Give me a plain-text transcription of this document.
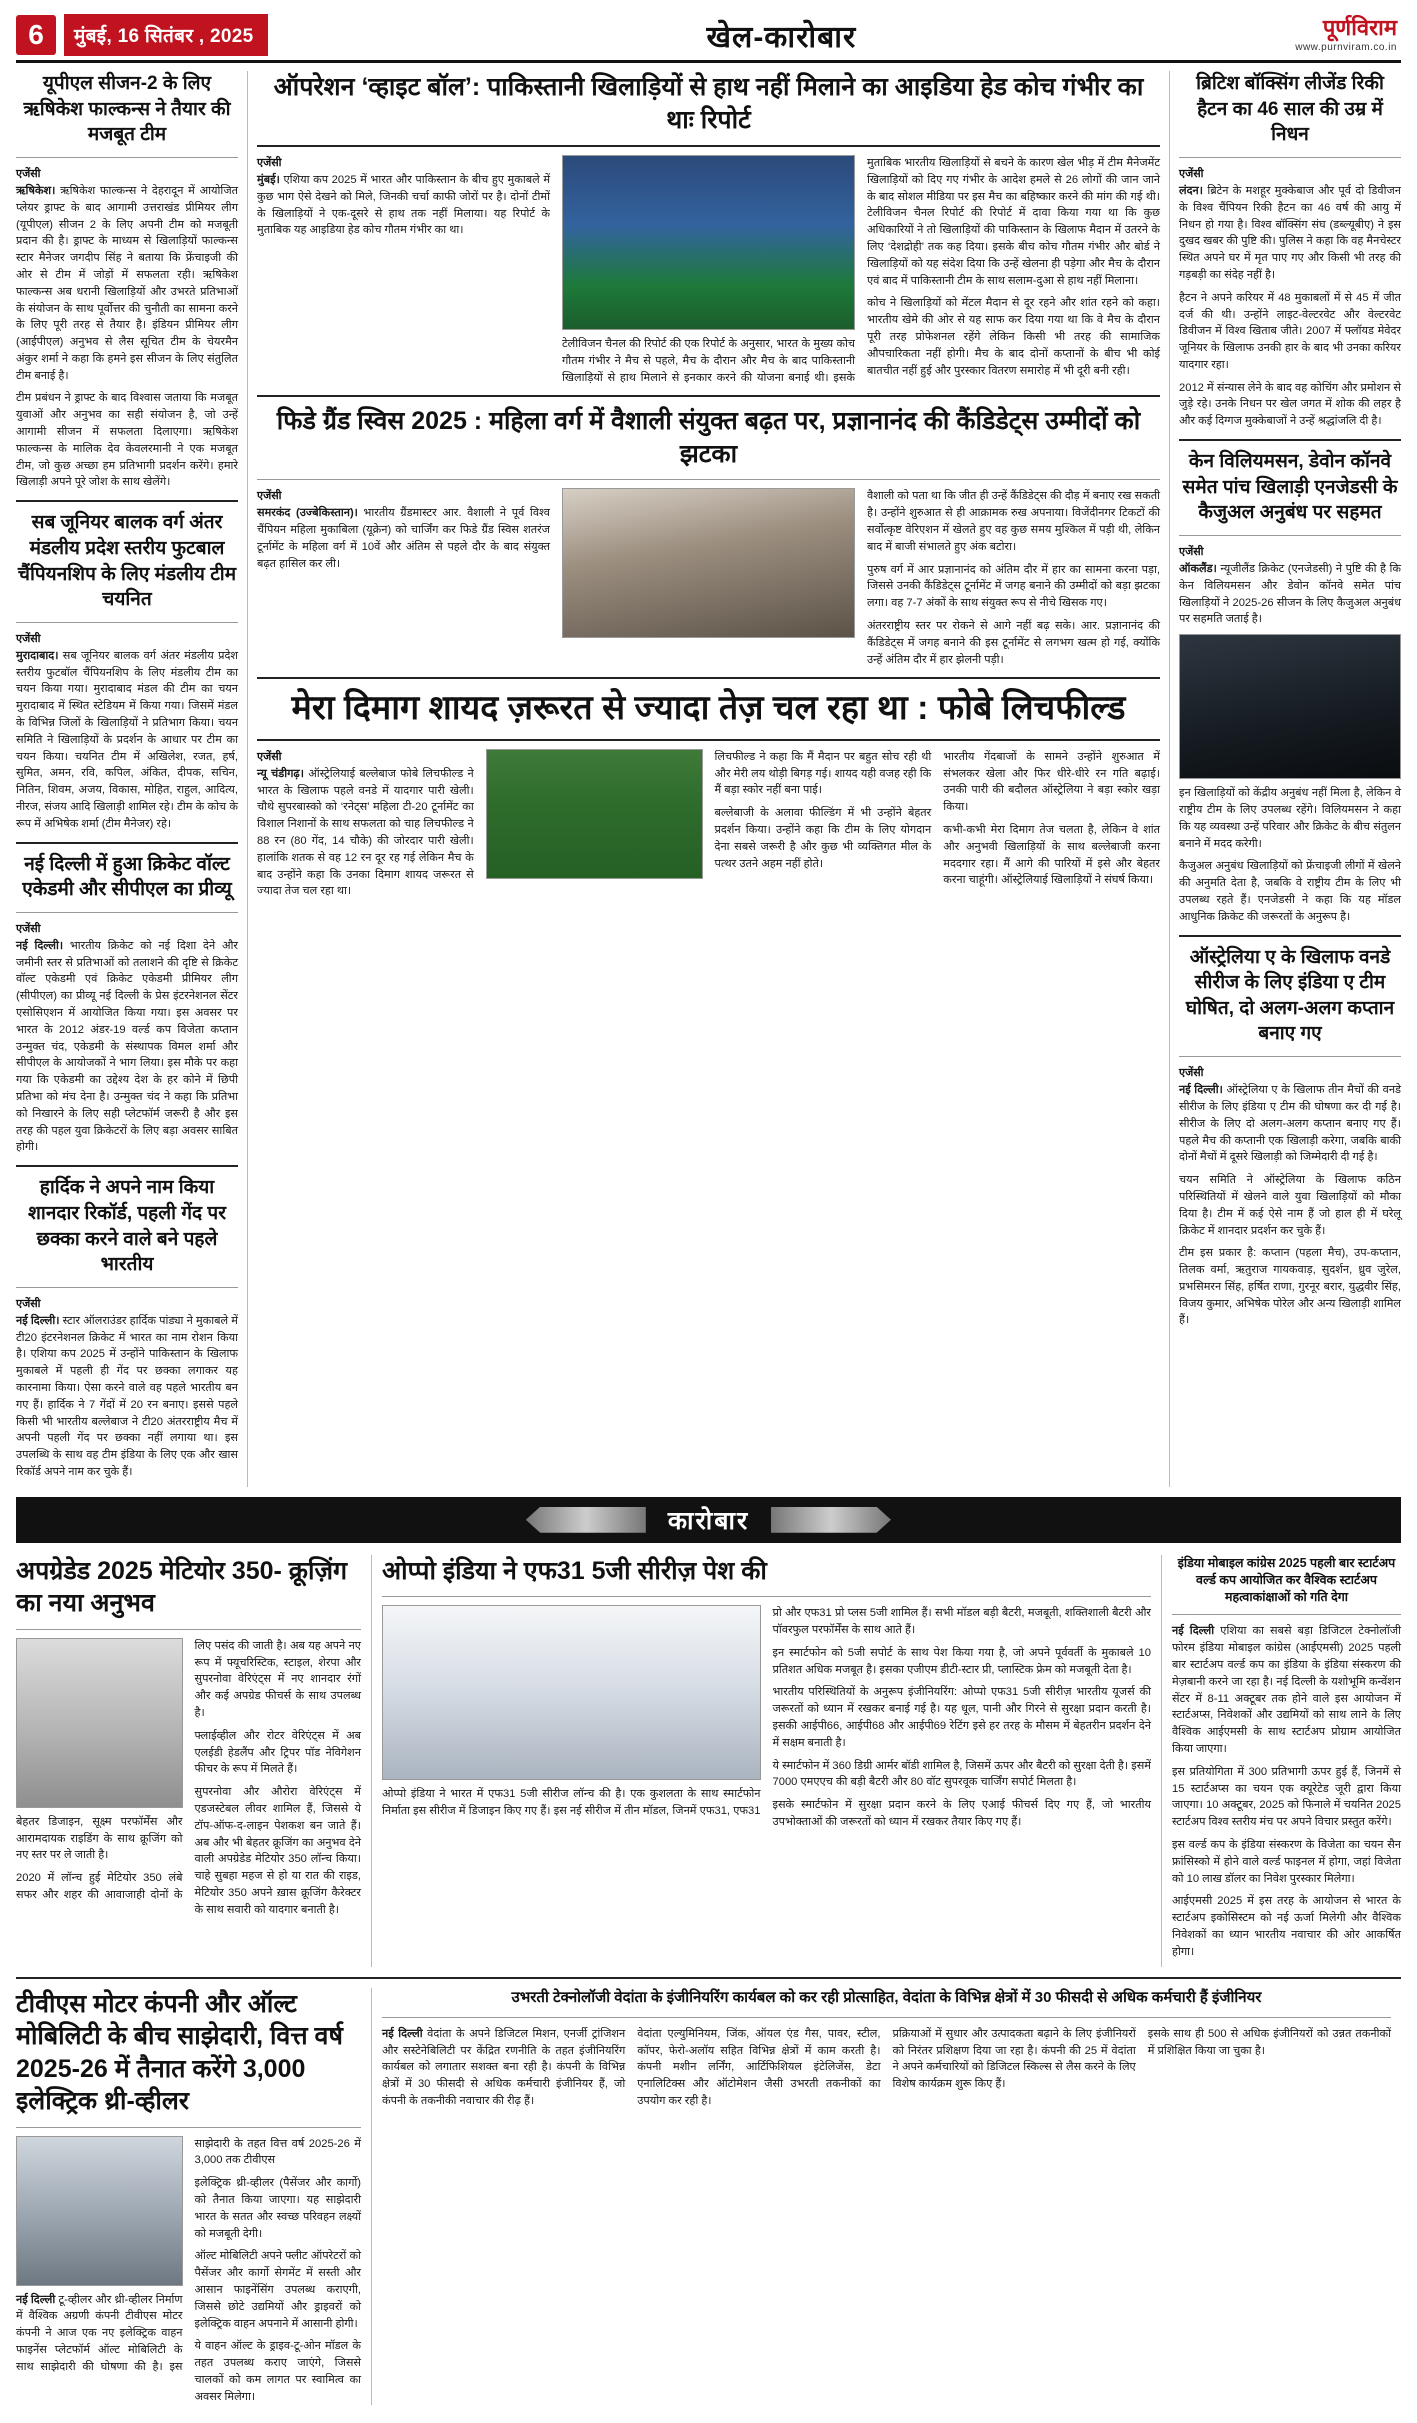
6	मुंबई, 16 सितंबर , 2025	खेल-कारोबार	पूर्णविराम
www.purnviram.co.in
यूपीएल सीजन-2 के लिए ऋषिकेश फाल्कन्स ने तैयार की मजबूत टीम
एजेंसी

ऋषिकेश। ऋषिकेश फाल्कन्स ने देहरादून में आयोजित प्लेयर ड्राफ्ट के बाद आगामी उत्तराखंड प्रीमियर लीग (यूपीएल) सीजन 2 के लिए अपनी टीम को मजबूती प्रदान की है। ड्राफ्ट के माध्यम से खिलाड़ियों फाल्कन्स स्टार मैनेजर जगदीप सिंह ने बताया कि फ्रेंचाइजी की ओर से टीम में जोड़ों में सफलता रही। ऋषिकेश फाल्कन्स अब धरानी खिलाड़ियों और उभरते प्रतिभाओं के संयोजन के साथ पूर्वोत्तर की चुनौती का सामना करने के लिए पूरी तरह से तैयार है। इंडियन प्रीमियर लीग (आईपीएल) अनुभव से लैस सूचित टीम के चेयरमैन अंकुर शर्मा ने कहा कि हमने इस सीजन के लिए संतुलित टीम बनाई है।

टीम प्रबंधन ने ड्राफ्ट के बाद विश्वास जताया कि मजबूत युवाओं और अनुभव का सही संयोजन है, जो उन्हें आगामी सीजन में सफलता दिलाएगा। ऋषिकेश फाल्कन्स के मालिक देव केवलरमानी ने एक मजबूत टीम, जो कुछ अच्छा हम प्रतिभागी प्रदर्शन करेंगे। हमारे खिलाड़ी अपने पूरे जोश के साथ खेलेंगे।

सब जूनियर बालक वर्ग अंतर मंडलीय प्रदेश स्तरीय फुटबाल चैंपियनशिप के लिए मंडलीय टीम चयनित
एजेंसी

मुरादाबाद। सब जूनियर बालक वर्ग अंतर मंडलीय प्रदेश स्तरीय फुटबॉल चैंपियनशिप के लिए मंडलीय टीम का चयन किया गया। मुरादाबाद मंडल की टीम का चयन मुरादाबाद में स्थित स्टेडियम में किया गया। जिसमें मंडल के विभिन्न जिलों के खिलाड़ियों ने प्रतिभाग किया। चयन समिति ने खिलाड़ियों के प्रदर्शन के आधार पर टीम का चयन किया। चयनित टीम में अखिलेश, रजत, हर्ष, सुमित, अमन, रवि, कपिल, अंकित, दीपक, सचिन, नितिन, शिवम, अजय, विकास, मोहित, राहुल, आदित्य, नीरज, संजय आदि खिलाड़ी शामिल रहे। टीम के कोच के रूप में अभिषेक शर्मा (टीम मैनेजर) रहे।

नई दिल्ली में हुआ क्रिकेट वॉल्ट एकेडमी और सीपीएल का प्रीव्यू
एजेंसी

नई दिल्ली। भारतीय क्रिकेट को नई दिशा देने और जमीनी स्तर से प्रतिभाओं को तलाशने की दृष्टि से क्रिकेट वॉल्ट एकेडमी एवं क्रिकेट एकेडमी प्रीमियर लीग (सीपीएल) का प्रीव्यू नई दिल्ली के प्रेस इंटरनेशनल सेंटर एसोसिएशन में आयोजित किया गया। इस अवसर पर भारत के 2012 अंडर-19 वर्ल्ड कप विजेता कप्तान उन्मुक्त चंद, एकेडमी के संस्थापक विमल शर्मा और सीपीएल के आयोजकों ने भाग लिया। इस मौके पर कहा गया कि एकेडमी का उद्देश्य देश के हर कोने में छिपी प्रतिभा को मंच देना है। उन्मुक्त चंद ने कहा कि प्रतिभा को निखारने के लिए सही प्लेटफॉर्म जरूरी है और इस तरह की पहल युवा क्रिकेटरों के लिए बड़ा अवसर साबित होगी।

हार्दिक ने अपने नाम किया शानदार रिकॉर्ड, पहली गेंद पर छक्का करने वाले बने पहले भारतीय
एजेंसी

नई दिल्ली। स्टार ऑलराउंडर हार्दिक पांड्या ने मुकाबले में टी20 इंटरनेशनल क्रिकेट में भारत का नाम रोशन किया है। एशिया कप 2025 में उन्होंने पाकिस्तान के खिलाफ मुकाबले में पहली ही गेंद पर छक्का लगाकर यह कारनामा किया। ऐसा करने वाले वह पहले भारतीय बन गए हैं। हार्दिक ने 7 गेंदों में 20 रन बनाए। इससे पहले किसी भी भारतीय बल्लेबाज ने टी20 अंतरराष्ट्रीय मैच में अपनी पहली गेंद पर छक्का नहीं लगाया था। इस उपलब्धि के साथ वह टीम इंडिया के लिए एक और खास रिकॉर्ड अपने नाम कर चुके हैं।

ऑपरेशन ‘व्हाइट बॉल’: पाकिस्तानी खिलाड़ियों से हाथ नहीं मिलाने का आइडिया हेड कोच गंभीर का थाः रिपोर्ट
एजेंसी

मुंबई। एशिया कप 2025 में भारत और पाकिस्तान के बीच हुए मुकाबले में कुछ भाग ऐसे देखने को मिले, जिनकी चर्चा काफी जोरों पर है। दोनों टीमों के खिलाड़ियों ने एक-दूसरे से हाथ तक नहीं मिलाया। यह रिपोर्ट के मुताबिक यह आइडिया हेड कोच गौतम गंभीर का था।

टेलीविजन चैनल की रिपोर्ट की एक रिपोर्ट के अनुसार, भारत के मुख्य कोच गौतम गंभीर ने मैच से पहले, मैच के दौरान और मैच के बाद पाकिस्तानी खिलाड़ियों से हाथ मिलाने से इनकार करने की योजना बनाई थी। इसके मुताबिक भारतीय खिलाड़ियों से बचने के कारण खेल भीड़ में टीम मैनेजमेंट खिलाड़ियों को दिए गए गंभीर के आदेश हमले से 26 लोगों की जान जाने के बाद सोशल मीडिया पर इस मैच का बहिष्कार करने की मांग की गई थी। टेलीविजन चैनल रिपोर्ट की रिपोर्ट में दावा किया गया था कि कुछ अधिकारियों ने तो खिलाड़ियों की पाकिस्तान के खिलाफ मैदान में उतरने के लिए ‘देशद्रोही’ तक कह दिया। इसके बीच कोच गौतम गंभीर और बोर्ड ने खिलाड़ियों को यह संदेश दिया कि उन्हें खेलना ही पड़ेगा और मैच के दौरान एवं बाद में पाकिस्तानी टीम के साथ सलाम-दुआ से हाथ नहीं मिलाना।

कोच ने खिलाड़ियों को मेंटल मैदान से दूर रहने और शांत रहने को कहा। भारतीय खेमे की ओर से यह साफ कर दिया गया था कि वे मैच के दौरान पूरी तरह प्रोफेशनल रहेंगे लेकिन किसी भी तरह की सामाजिक औपचारिकता नहीं होगी। मैच के बाद दोनों कप्तानों के बीच भी कोई बातचीत नहीं हुई और पुरस्कार वितरण समारोह में भी दूरी बनी रही।

फिडे ग्रैंड स्विस 2025 : महिला वर्ग में वैशाली संयुक्त बढ़त पर, प्रज्ञानानंद की कैंडिडेट्स उम्मीदों को झटका
एजेंसी

समरकंद (उज्बेकिस्तान)। भारतीय ग्रैंडमास्टर आर. वैशाली ने पूर्व विश्व चैंपियन महिला मुकाबिला (यूक्रेन) को चार्जिंग कर फिडे ग्रैंड स्विस शतरंज टूर्नामेंट के महिला वर्ग में 10वें और अंतिम से पहले दौर के बाद संयुक्त बढ़त हासिल कर ली।

वैशाली को पता था कि जीत ही उन्हें कैंडिडेट्स की दौड़ में बनाए रख सकती है। उन्होंने शुरुआत से ही आक्रामक रुख अपनाया। विजेंदीनगर टिकटों की सर्वोत्कृष्ट वेरिएशन में खेलते हुए वह कुछ समय मुश्किल में पड़ी थी, लेकिन बाद में बाजी संभालते हुए अंक बटोरा।

पुरुष वर्ग में आर प्रज्ञानानंद को अंतिम दौर में हार का सामना करना पड़ा, जिससे उनकी कैंडिडेट्स टूर्नामेंट में जगह बनाने की उम्मीदों को बड़ा झटका लगा। वह 7-7 अंकों के साथ संयुक्त रूप से नीचे खिसक गए।

अंतरराष्ट्रीय स्तर पर रोकने से आगे नहीं बढ़ सके। आर. प्रज्ञानानंद की कैंडिडेट्स में जगह बनाने की इस टूर्नामेंट से लगभग खत्म हो गई, क्योंकि उन्हें अंतिम दौर में हार झेलनी पड़ी।

मेरा दिमाग शायद ज़रूरत से ज्यादा तेज़ चल रहा था : फोबे लिचफील्ड
एजेंसी

न्यू चंडीगढ़। ऑस्ट्रेलियाई बल्लेबाज फोबे लिचफील्ड ने भारत के खिलाफ पहले वनडे में यादगार पारी खेली। चौथे सुपरबास्को को ‘रनेट्स’ महिला टी-20 टूर्नामेंट का विशाल निशानों के साथ सफलता को चाह लिचफील्ड ने 88 रन (80 गेंद, 14 चौके) की जोरदार पारी खेली। हालांकि शतक से वह 12 रन दूर रह गई लेकिन मैच के बाद उन्होंने कहा कि उनका दिमाग शायद जरूरत से ज्यादा तेज चल रहा था।

लिचफील्ड ने कहा कि मैं मैदान पर बहुत सोच रही थी और मेरी लय थोड़ी बिगड़ गई। शायद यही वजह रही कि मैं बड़ा स्कोर नहीं बना पाई।

बल्लेबाजी के अलावा फील्डिंग में भी उन्होंने बेहतर प्रदर्शन किया। उन्होंने कहा कि टीम के लिए योगदान देना सबसे जरूरी है और कुछ भी व्यक्तिगत मील के पत्थर उतने अहम नहीं होते।

भारतीय गेंदबाजों के सामने उन्होंने शुरुआत में संभलकर खेला और फिर धीरे-धीरे रन गति बढ़ाई। उनकी पारी की बदौलत ऑस्ट्रेलिया ने बड़ा स्कोर खड़ा किया।

कभी-कभी मेरा दिमाग तेज चलता है, लेकिन वे शांत और अनुभवी खिलाड़ियों के साथ बल्लेबाजी करना मददगार रहा। मैं आगे की पारियों में इसे और बेहतर करना चाहूंगी। ऑस्ट्रेलियाई खिलाड़ियों ने संघर्ष किया।

ब्रिटिश बॉक्सिंग लीजेंड रिकी हैटन का 46 साल की उम्र में निधन
एजेंसी

लंदन। ब्रिटेन के मशहूर मुक्केबाज और पूर्व दो डिवीजन के विश्व चैंपियन रिकी हैटन का 46 वर्ष की आयु में निधन हो गया है। विश्व बॉक्सिंग संघ (डब्ल्यूबीए) ने इस दुखद खबर की पुष्टि की। पुलिस ने कहा कि वह मैनचेस्टर स्थित अपने घर में मृत पाए गए और किसी भी तरह की गड़बड़ी का संदेह नहीं है।

हैटन ने अपने करियर में 48 मुकाबलों में से 45 में जीत दर्ज की थी। उन्होंने लाइट-वेल्टरवेट और वेल्टरवेट डिवीजन में विश्व खिताब जीते। 2007 में फ्लॉयड मेवेदर जूनियर के खिलाफ उनकी हार के बाद भी उनका करियर यादगार रहा।

2012 में संन्यास लेने के बाद वह कोचिंग और प्रमोशन से जुड़े रहे। उनके निधन पर खेल जगत में शोक की लहर है और कई दिग्गज मुक्केबाजों ने उन्हें श्रद्धांजलि दी है।

केन विलियमसन, डेवोन कॉनवे समेत पांच खिलाड़ी एनजेडसी के कैजुअल अनुबंध पर सहमत
एजेंसी

ऑकलैंड। न्यूजीलैंड क्रिकेट (एनजेडसी) ने पुष्टि की है कि केन विलियमसन और डेवोन कॉनवे समेत पांच खिलाड़ियों ने 2025-26 सीजन के लिए कैजुअल अनुबंध पर सहमति जताई है।

इन खिलाड़ियों को केंद्रीय अनुबंध नहीं मिला है, लेकिन वे राष्ट्रीय टीम के लिए उपलब्ध रहेंगे। विलियमसन ने कहा कि यह व्यवस्था उन्हें परिवार और क्रिकेट के बीच संतुलन बनाने में मदद करेगी।

कैजुअल अनुबंध खिलाड़ियों को फ्रेंचाइजी लीगों में खेलने की अनुमति देता है, जबकि वे राष्ट्रीय टीम के लिए भी उपलब्ध रहते हैं। एनजेडसी ने कहा कि यह मॉडल आधुनिक क्रिकेट की जरूरतों के अनुरूप है।

ऑस्ट्रेलिया ए के खिलाफ वनडे सीरीज के लिए इंडिया ए टीम घोषित, दो अलग-अलग कप्तान बनाए गए
एजेंसी

नई दिल्ली। ऑस्ट्रेलिया ए के खिलाफ तीन मैचों की वनडे सीरीज के लिए इंडिया ए टीम की घोषणा कर दी गई है। सीरीज के लिए दो अलग-अलग कप्तान बनाए गए हैं। पहले मैच की कप्तानी एक खिलाड़ी करेगा, जबकि बाकी दोनों मैचों में दूसरे खिलाड़ी को जिम्मेदारी दी गई है।

चयन समिति ने ऑस्ट्रेलिया के खिलाफ कठिन परिस्थितियों में खेलने वाले युवा खिलाड़ियों को मौका दिया है। टीम में कई ऐसे नाम हैं जो हाल ही में घरेलू क्रिकेट में शानदार प्रदर्शन कर चुके हैं।

टीम इस प्रकार है: कप्तान (पहला मैच), उप-कप्तान, तिलक वर्मा, ऋतुराज गायकवाड़, सुदर्शन, ध्रुव जुरेल, प्रभसिमरन सिंह, हर्षित राणा, गुरनूर बरार, युद्धवीर सिंह, विजय कुमार, अभिषेक पोरेल और अन्य खिलाड़ी शामिल हैं।

कारोबार
अपग्रेडेड 2025 मेटियोर 350- क्रूज़िंग का नया अनुभव

बेहतर डिजाइन, सूक्ष्म परफॉर्मेंस और आरामदायक राइडिंग के साथ क्रूजिंग को नए स्तर पर ले जाती है।

2020 में लॉन्च हुई मेटियोर 350 लंबे सफर और शहर की आवाजाही दोनों के लिए पसंद की जाती है। अब यह अपने नए रूप में फ्यूचरिस्टिक, स्टाइल, शेरपा और सुपरनोवा वेरिएंट्स में नए शानदार रंगों और कई अपग्रेड फीचर्स के साथ उपलब्ध है।

फ्लाईव्हील और रोटर वेरिएंट्स में अब एलईडी हेडलैंप और ट्रिपर पॉड नेविगेशन फीचर के रूप में मिलते हैं।

सुपरनोवा और औरोरा वेरिएंट्स में एडजस्टेबल लीवर शामिल हैं, जिससे ये टॉप-ऑफ-द-लाइन पेशकश बन जाते हैं। अब और भी बेहतर क्रूजिंग का अनुभव देने वाली अपग्रेडेड मेटियोर 350 लॉन्च किया। चाहे सुबहा महज से हो या रात की राइड, मेटियोर 350 अपने ख़ास क्रूजिंग कैरेक्टर के साथ सवारी को यादगार बनाती है।

ओप्पो इंडिया ने एफ31 5जी सीरीज़ पेश की

ओप्पो इंडिया ने भारत में एफ31 5जी सीरीज लॉन्च की है। एक कुशलता के साथ स्मार्टफोन निर्माता इस सीरीज में डिजाइन किए गए हैं। इस नई सीरीज में तीन मॉडल, जिनमें एफ31, एफ31 प्रो और एफ31 प्रो प्लस 5जी शामिल हैं। सभी मॉडल बड़ी बैटरी, मजबूती, शक्तिशाली बैटरी और पॉवरफुल परफॉर्मेंस के साथ आते हैं।

इन स्मार्टफोन को 5जी सपोर्ट के साथ पेश किया गया है, जो अपने पूर्ववर्ती के मुकाबले 10 प्रतिशत अधिक मजबूत है। इसका एजीएम डीटी-स्टार प्री, प्लास्टिक फ्रेम को मजबूती देता है।

भारतीय परिस्थितियों के अनुरूप इंजीनियरिंग: ओप्पो एफ31 5जी सीरीज़ भारतीय यूजर्स की जरूरतों को ध्यान में रखकर बनाई गई है। यह धूल, पानी और गिरने से सुरक्षा प्रदान करती है। इसकी आईपी66, आईपी68 और आईपी69 रेटिंग इसे हर तरह के मौसम में बेहतरीन प्रदर्शन देने में सक्षम बनाती है।

ये स्मार्टफोन में 360 डिग्री आर्मर बॉडी शामिल है, जिसमें ऊपर और बैटरी को सुरक्षा देती है। इसमें 7000 एमएएच की बड़ी बैटरी और 80 वॉट सुपरवूक चार्जिंग सपोर्ट मिलता है।

इसके स्मार्टफोन में सुरक्षा प्रदान करने के लिए एआई फीचर्स दिए गए हैं, जो भारतीय उपभोक्ताओं की जरूरतों को ध्यान में रखकर तैयार किए गए हैं।

इंडिया मोबाइल कांग्रेस 2025 पहली बार स्टार्टअप वर्ल्ड कप आयोजित कर वैश्विक स्टार्टअप महत्वाकांक्षाओं को गति देगा

नई दिल्ली एशिया का सबसे बड़ा डिजिटल टेक्नोलॉजी फोरम इंडिया मोबाइल कांग्रेस (आईएमसी) 2025 पहली बार स्टार्टअप वर्ल्ड कप का इंडिया के इंडिया संस्करण की मेज़बानी करने जा रहा है। नई दिल्ली के यशोभूमि कन्वेंशन सेंटर में 8-11 अक्टूबर तक होने वाले इस आयोजन में स्टार्टअप्स, निवेशकों और उद्यमियों को साथ लाने के लिए वैश्विक आईएमसी के साथ स्टार्टअप प्रोग्राम आयोजित किया जाएगा।

इस प्रतियोगिता में 300 प्रतिभागी ऊपर हुई हैं, जिनमें से 15 स्टार्टअप्स का चयन एक क्यूरेटेड जूरी द्वारा किया जाएगा। 10 अक्टूबर, 2025 को फिनाले में चयनित 2025 स्टार्टअप विश्व स्तरीय मंच पर अपने विचार प्रस्तुत करेंगे।

इस वर्ल्ड कप के इंडिया संस्करण के विजेता का चयन सैन फ्रांसिस्को में होने वाले वर्ल्ड फाइनल में होगा, जहां विजेता को 10 लाख डॉलर का निवेश पुरस्कार मिलेगा।

आईएमसी 2025 में इस तरह के आयोजन से भारत के स्टार्टअप इकोसिस्टम को नई ऊर्जा मिलेगी और वैश्विक निवेशकों का ध्यान भारतीय नवाचार की ओर आकर्षित होगा।

टीवीएस मोटर कंपनी और ऑल्ट मोबिलिटी के बीच साझेदारी, वित्त वर्ष 2025-26 में तैनात करेंगे 3,000 इलेक्ट्रिक थ्री-व्हीलर

नई दिल्ली टू-व्हीलर और थ्री-व्हीलर निर्माण में वैश्विक अग्रणी कंपनी टीवीएस मोटर कंपनी ने आज एक नए इलेक्ट्रिक वाहन फाइनेंस प्लेटफॉर्म ऑल्ट मोबिलिटी के साथ साझेदारी की घोषणा की है। इस साझेदारी के तहत वित्त वर्ष 2025-26 में 3,000 तक टीवीएस

इलेक्ट्रिक थ्री-व्हीलर (पैसेंजर और कार्गो) को तैनात किया जाएगा। यह साझेदारी भारत के सतत और स्वच्छ परिवहन लक्ष्यों को मजबूती देगी।

ऑल्ट मोबिलिटी अपने फ्लीट ऑपरेटरों को पैसेंजर और कार्गो सेगमेंट में सस्ती और आसान फाइनेंसिंग उपलब्ध कराएगी, जिससे छोटे उद्यमियों और ड्राइवरों को इलेक्ट्रिक वाहन अपनाने में आसानी होगी।

ये वाहन ऑल्ट के ड्राइव-टू-ओन मॉडल के तहत उपलब्ध कराए जाएंगे, जिससे चालकों को कम लागत पर स्वामित्व का अवसर मिलेगा।

उभरती टेक्नोलॉजी वेदांता के इंजीनियरिंग कार्यबल को कर रही प्रोत्साहित, वेदांता के विभिन्न क्षेत्रों में 30 फीसदी से अधिक कर्मचारी हैं इंजीनियर

नई दिल्ली वेदांता के अपने डिजिटल मिशन, एनर्जी ट्रांजिशन और सस्टेनेबिलिटी पर केंद्रित रणनीति के तहत इंजीनियरिंग कार्यबल को लगातार सशक्त बना रही है। कंपनी के विभिन्न क्षेत्रों में 30 फीसदी से अधिक कर्मचारी इंजीनियर हैं, जो कंपनी के तकनीकी नवाचार की रीढ़ हैं।

वेदांता एल्युमिनियम, जिंक, ऑयल एंड गैस, पावर, स्टील, कॉपर, फेरो-अलॉय सहित विभिन्न क्षेत्रों में काम करती है। कंपनी मशीन लर्निंग, आर्टिफिशियल इंटेलिजेंस, डेटा एनालिटिक्स और ऑटोमेशन जैसी उभरती तकनीकों का उपयोग कर रही है।

प्रक्रियाओं में सुधार और उत्पादकता बढ़ाने के लिए इंजीनियरों को निरंतर प्रशिक्षण दिया जा रहा है। कंपनी की 25 में वेदांता ने अपने कर्मचारियों को डिजिटल स्किल्स से लैस करने के लिए विशेष कार्यक्रम शुरू किए हैं।

इसके साथ ही 500 से अधिक इंजीनियरों को उन्नत तकनीकों में प्रशिक्षित किया जा चुका है।
